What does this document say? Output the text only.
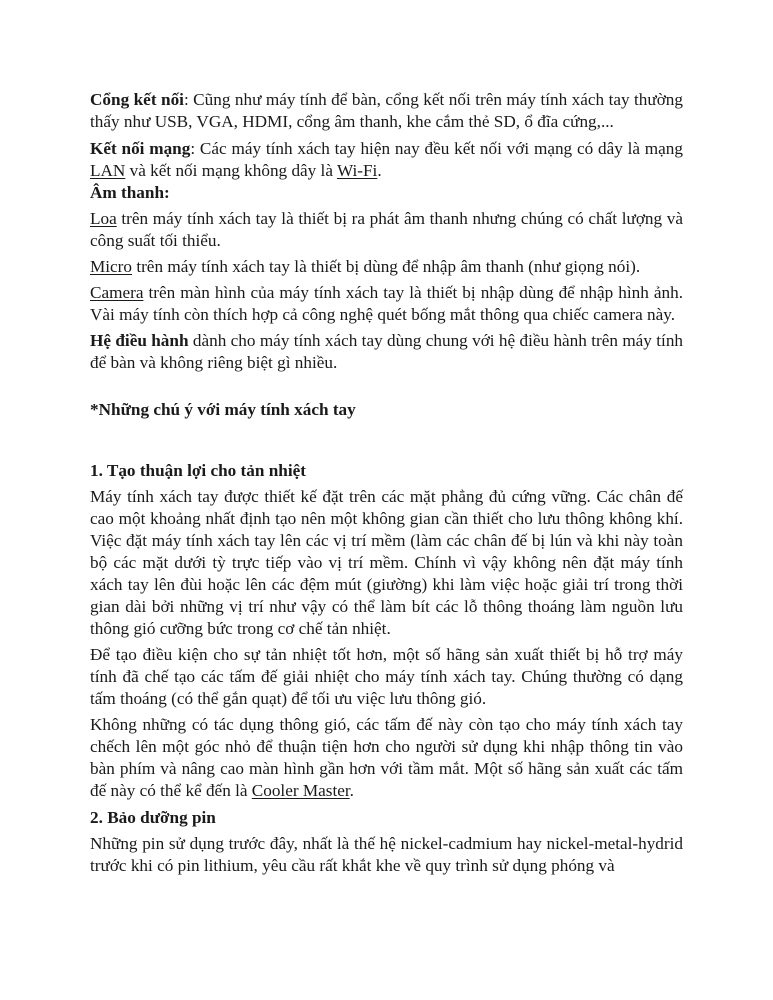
Cổng kết nối: Cũng như máy tính để bàn, cổng kết nối trên máy tính xách tay thường thấy như USB, VGA, HDMI, cổng âm thanh, khe cắm thẻ SD, ổ đĩa cứng,...

Kết nối mạng: Các máy tính xách tay hiện nay đều kết nối với mạng có dây là mạng LAN và kết nối mạng không dây là Wi-Fi.

Âm thanh:

Loa trên máy tính xách tay là thiết bị ra phát âm thanh nhưng chúng có chất lượng và công suất tối thiểu.

Micro trên máy tính xách tay là thiết bị dùng để nhập âm thanh (như giọng nói).

Camera trên màn hình của máy tính xách tay là thiết bị nhập dùng để nhập hình ảnh. Vài máy tính còn thích hợp cả công nghệ quét bống mắt thông qua chiếc camera này.

Hệ điều hành dành cho máy tính xách tay dùng chung với hệ điều hành trên máy tính để bàn và không riêng biệt gì nhiều.

*Những chú ý với máy tính xách tay

1. Tạo thuận lợi cho tản nhiệt

Máy tính xách tay được thiết kế đặt trên các mặt phẳng đủ cứng vững. Các chân đế cao một khoảng nhất định tạo nên một không gian cần thiết cho lưu thông không khí. Việc đặt máy tính xách tay lên các vị trí mềm (làm các chân đế bị lún và khi này toàn bộ các mặt dưới tỳ trực tiếp vào vị trí mềm. Chính vì vậy không nên đặt máy tính xách tay lên đùi hoặc lên các đệm mút (giường) khi làm việc hoặc giải trí trong thời gian dài bởi những vị trí như vậy có thể làm bít các lỗ thông thoáng làm nguồn lưu thông gió cưỡng bức trong cơ chế tản nhiệt.

Để tạo điều kiện cho sự tản nhiệt tốt hơn, một số hãng sản xuất thiết bị hỗ trợ máy tính đã chế tạo các tấm đế giải nhiệt cho máy tính xách tay. Chúng thường có dạng tấm thoáng (có thể gắn quạt) để tối ưu việc lưu thông gió.

Không những có tác dụng thông gió, các tấm đế này còn tạo cho máy tính xách tay chếch lên một góc nhỏ để thuận tiện hơn cho người sử dụng khi nhập thông tin vào bàn phím và nâng cao màn hình gần hơn với tầm mắt. Một số hãng sản xuất các tấm đế này có thể kể đến là Cooler Master.

2. Bảo dưỡng pin

Những pin sử dụng trước đây, nhất là thế hệ nickel-cadmium hay nickel-metal-hydrid trước khi có pin lithium, yêu cầu rất khắt khe về quy trình sử dụng phóng và
